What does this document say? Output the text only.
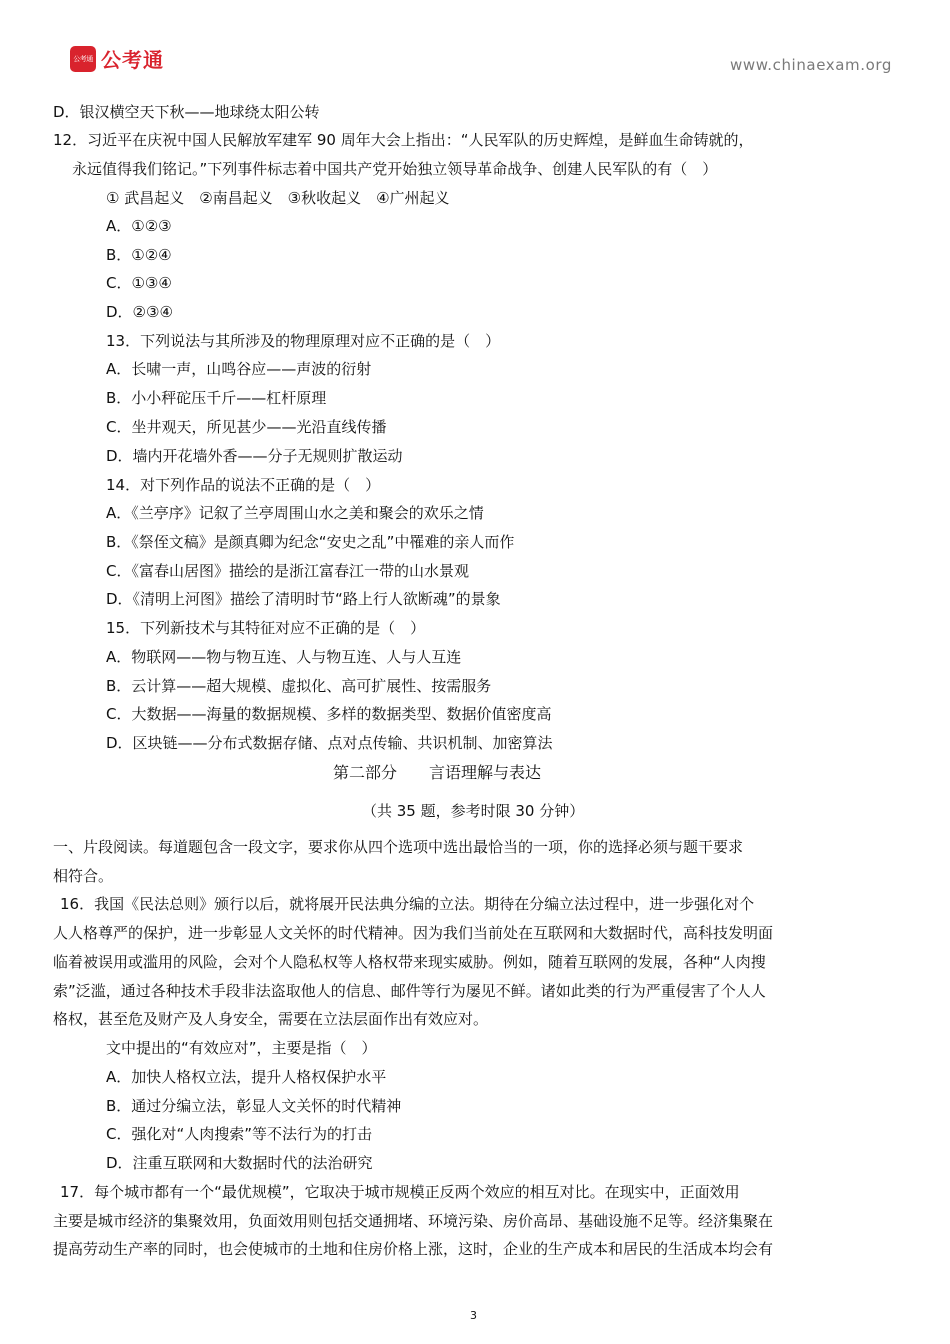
公考通 公考通	www.chinaexam.org
D．银汉横空天下秋——地球绕太阳公转
12．习近平在庆祝中国人民解放军建军 90 周年大会上指出：“人民军队的历史辉煌，是鲜血生命铸就的，
永远值得我们铭记。”下列事件标志着中国共产党开始独立领导革命战争、创建人民军队的有（　）
① 武昌起义　②南昌起义　③秋收起义　④广州起义
A．①②③
B．①②④
C．①③④
D．②③④
13．下列说法与其所涉及的物理原理对应不正确的是（　）
A．长啸一声，山鸣谷应——声波的衍射
B．小小秤砣压千斤——杠杆原理
C．坐井观天，所见甚少——光沿直线传播
D．墙内开花墙外香——分子无规则扩散运动
14．对下列作品的说法不正确的是（　）
A．《兰亭序》记叙了兰亭周围山水之美和聚会的欢乐之情
B．《祭侄文稿》是颜真卿为纪念“安史之乱”中罹难的亲人而作
C．《富春山居图》描绘的是浙江富春江一带的山水景观
D．《清明上河图》描绘了清明时节“路上行人欲断魂”的景象
15．下列新技术与其特征对应不正确的是（　）
A．物联网——物与物互连、人与物互连、人与人互连
B．云计算——超大规模、虚拟化、高可扩展性、按需服务
C．大数据——海量的数据规模、多样的数据类型、数据价值密度高
D．区块链——分布式数据存储、点对点传输、共识机制、加密算法
第二部分　　言语理解与表达
（共 35 题，参考时限 30 分钟）
一、片段阅读。每道题包含一段文字，要求你从四个选项中选出最恰当的一项，你的选择必须与题干要求
相符合。
16．我国《民法总则》颁行以后，就将展开民法典分编的立法。期待在分编立法过程中，进一步强化对个
人人格尊严的保护，进一步彰显人文关怀的时代精神。因为我们当前处在互联网和大数据时代，高科技发明面
临着被误用或滥用的风险，会对个人隐私权等人格权带来现实威胁。例如，随着互联网的发展，各种“人肉搜
索”泛滥，通过各种技术手段非法盗取他人的信息、邮件等行为屡见不鲜。诸如此类的行为严重侵害了个人人
格权，甚至危及财产及人身安全，需要在立法层面作出有效应对。
文中提出的“有效应对”，主要是指（　）
A．加快人格权立法，提升人格权保护水平
B．通过分编立法，彰显人文关怀的时代精神
C．强化对“人肉搜索”等不法行为的打击
D．注重互联网和大数据时代的法治研究
17．每个城市都有一个“最优规模”，它取决于城市规模正反两个效应的相互对比。在现实中，正面效用
主要是城市经济的集聚效用，负面效用则包括交通拥堵、环境污染、房价高昂、基础设施不足等。经济集聚在
提高劳动生产率的同时，也会使城市的土地和住房价格上涨，这时，企业的生产成本和居民的生活成本均会有
3
